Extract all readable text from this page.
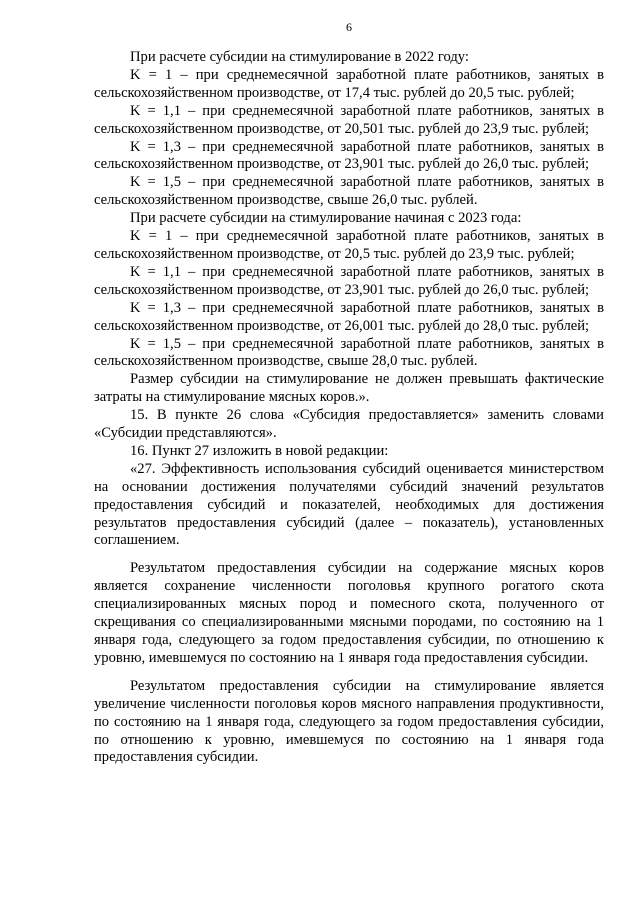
6

При расчете субсидии на стимулирование в 2022 году:

K = 1 – при среднемесячной заработной плате работников, занятых в сельскохозяйственном производстве, от 17,4 тыс. рублей до 20,5 тыс. рублей;

K = 1,1 – при среднемесячной заработной плате работников, занятых в сельскохозяйственном производстве, от 20,501 тыс. рублей до 23,9 тыс. рублей;

K = 1,3 – при среднемесячной заработной плате работников, занятых в сельскохозяйственном производстве, от 23,901 тыс. рублей до 26,0 тыс. рублей;

K = 1,5 – при среднемесячной заработной плате работников, занятых в сельскохозяйственном производстве, свыше 26,0 тыс. рублей.

При расчете субсидии на стимулирование начиная с 2023 года:

K = 1 – при среднемесячной заработной плате работников, занятых в сельскохозяйственном производстве, от 20,5 тыс. рублей до 23,9 тыс. рублей;

K = 1,1 – при среднемесячной заработной плате работников, занятых в сельскохозяйственном производстве, от 23,901 тыс. рублей до 26,0 тыс. рублей;

K = 1,3 – при среднемесячной заработной плате работников, занятых в сельскохозяйственном производстве, от 26,001 тыс. рублей до 28,0 тыс. рублей;

K = 1,5 – при среднемесячной заработной плате работников, занятых в сельскохозяйственном производстве, свыше 28,0 тыс. рублей.

Размер субсидии на стимулирование не должен превышать фактические затраты на стимулирование мясных коров.».

15. В пункте 26 слова «Субсидия предоставляется» заменить словами «Субсидии представляются».

16. Пункт 27 изложить в новой редакции:

«27. Эффективность использования субсидий оценивается министерством на основании достижения получателями субсидий значений результатов предоставления субсидий и показателей, необходимых для достижения результатов предоставления субсидий (далее – показатель), установленных соглашением.

Результатом предоставления субсидии на содержание мясных коров является сохранение численности поголовья крупного рогатого скота специализированных мясных пород и помесного скота, полученного от скрещивания со специализированными мясными породами, по состоянию на 1 января года, следующего за годом предоставления субсидии, по отношению к уровню, имевшемуся по состоянию на 1 января года предоставления субсидии.

Результатом предоставления субсидии на стимулирование является увеличение численности поголовья коров мясного направления продуктивности, по состоянию на 1 января года, следующего за годом предоставления субсидии, по отношению к уровню, имевшемуся по состоянию на 1 января года предоставления субсидии.
